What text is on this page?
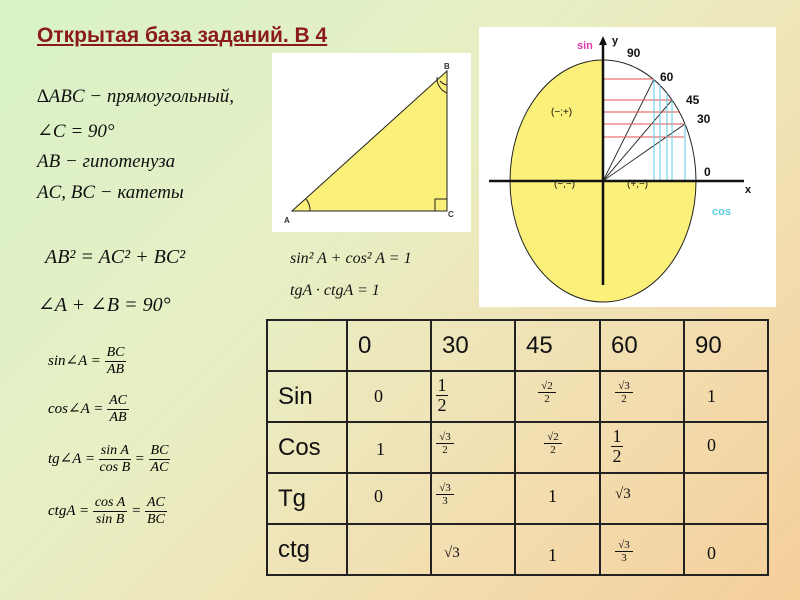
Открытая база заданий. В 4
∆ABC − прямоугольный,
∠C = 90°
AB − гипотенуза
AC, BC − катеты
AB² = AC² + BC²
∠A + ∠B = 90°
sin² A + cos² A = 1
tgA · ctgA = 1
sin∠A = $\frac{BC}{AB}$
cos∠A = $\frac{AC}{AB}$
tg∠A = $\frac{\text{sin A}}{\text{cos B}} = \frac{BC}{AC}$
ctgA = $\frac{\text{cos A}}{\text{sin B}} = \frac{AC}{BC}$
A
B
C
sin y
x
cos
90
60
45
30
0
(−;+)
(−;−)	(+;−)
	0	30	45	60	90
Sin	0	$\frac{1}{2}$	$\frac{√2}{2}$	$\frac{√3}{2}$	1

Cos	1	$\frac{√3}{2}$	$\frac{√2}{2}$	$\frac{1}{2}$	0

Tg	0	$\frac{√3}{3}$	1	√3	

ctg		√3	1	$\frac{√3}{3}$	0
